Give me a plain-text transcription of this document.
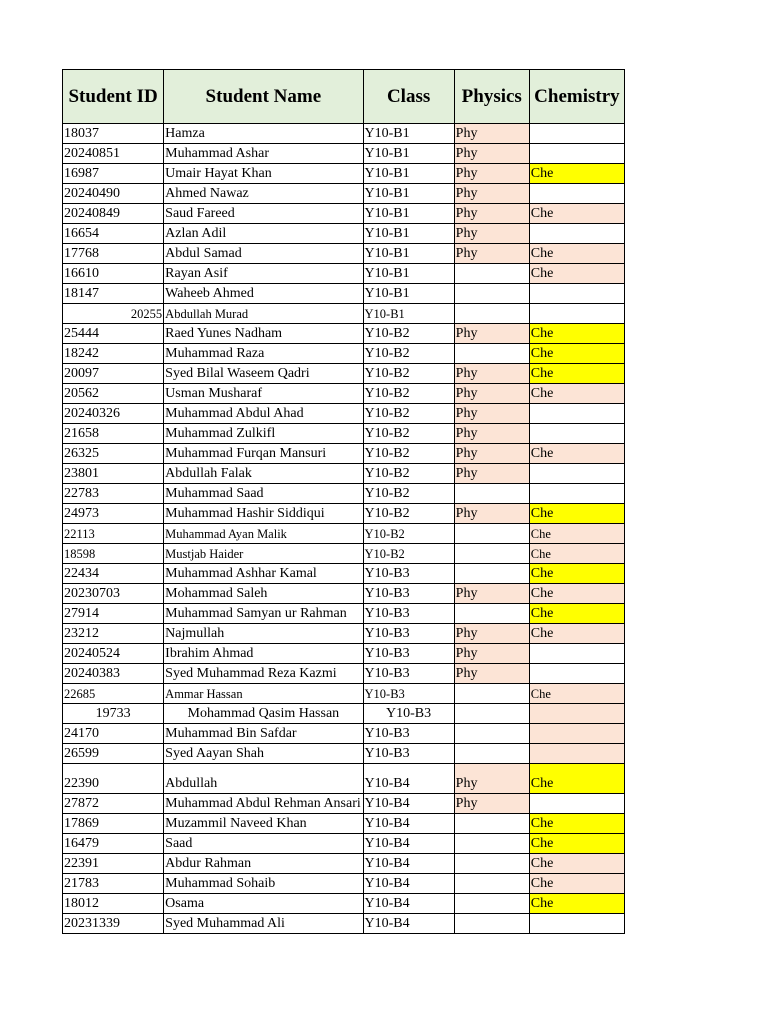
Student ID	Student Name	Class	Physics	Chemistry
18037	Hamza	Y10-B1	Phy	
20240851	Muhammad Ashar	Y10-B1	Phy	
16987	Umair Hayat Khan	Y10-B1	Phy	Che
20240490	Ahmed Nawaz	Y10-B1	Phy	
20240849	Saud Fareed	Y10-B1	Phy	Che
16654	Azlan Adil	Y10-B1	Phy	
17768	Abdul Samad	Y10-B1	Phy	Che
16610	Rayan Asif	Y10-B1		Che
18147	Waheeb Ahmed	Y10-B1		
20255	Abdullah Murad	Y10-B1		
25444	Raed Yunes Nadham	Y10-B2	Phy	Che
18242	Muhammad Raza	Y10-B2		Che
20097	Syed Bilal Waseem Qadri	Y10-B2	Phy	Che
20562	Usman Musharaf	Y10-B2	Phy	Che
20240326	Muhammad Abdul Ahad	Y10-B2	Phy	
21658	Muhammad Zulkifl	Y10-B2	Phy	
26325	Muhammad Furqan Mansuri	Y10-B2	Phy	Che
23801	Abdullah Falak	Y10-B2	Phy	
22783	Muhammad Saad	Y10-B2		
24973	Muhammad Hashir Siddiqui	Y10-B2	Phy	Che
22113	Muhammad Ayan Malik	Y10-B2		Che
18598	Mustjab Haider	Y10-B2		Che
22434	Muhammad Ashhar Kamal	Y10-B3		Che
20230703	Mohammad Saleh	Y10-B3	Phy	Che
27914	Muhammad Samyan ur Rahman	Y10-B3		Che
23212	Najmullah	Y10-B3	Phy	Che
20240524	Ibrahim Ahmad	Y10-B3	Phy	
20240383	Syed Muhammad Reza Kazmi	Y10-B3	Phy	
22685	Ammar Hassan	Y10-B3		Che
19733	Mohammad Qasim Hassan	Y10-B3		
24170	Muhammad Bin Safdar	Y10-B3		
26599	Syed Aayan Shah	Y10-B3		
22390	Abdullah	Y10-B4	Phy	Che
27872	Muhammad Abdul Rehman Ansari	Y10-B4	Phy	
17869	Muzammil Naveed Khan	Y10-B4		Che
16479	Saad	Y10-B4		Che
22391	Abdur Rahman	Y10-B4		Che
21783	Muhammad Sohaib	Y10-B4		Che
18012	Osama	Y10-B4		Che
20231339	Syed Muhammad Ali	Y10-B4		
